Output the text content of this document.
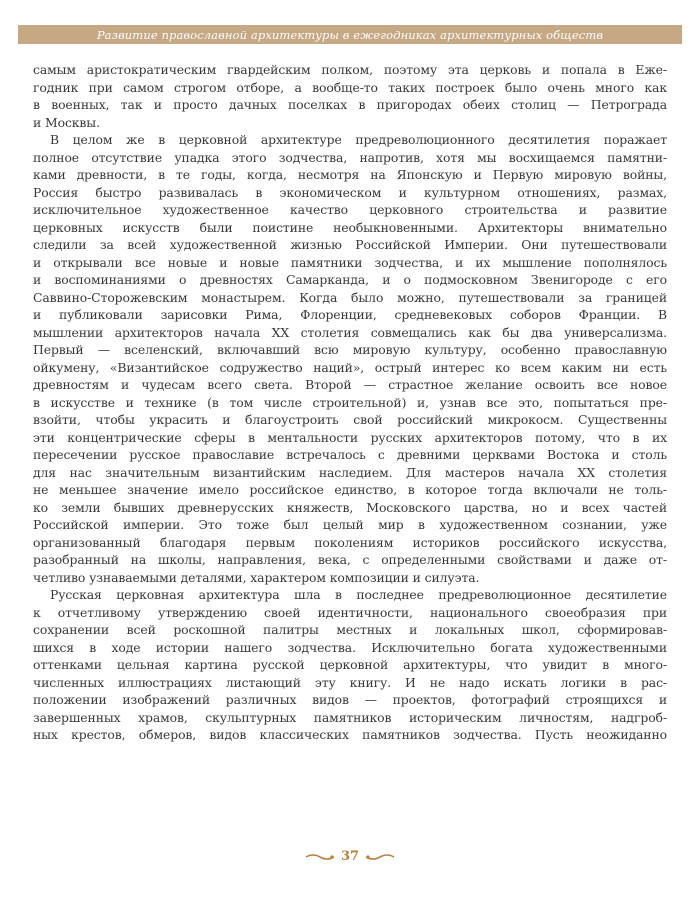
Развитие православной архитектуры в ежегодниках архитектурных обществ
самым аристократическим гвардейским полком, поэтому эта церковь и попала в Еже-
годник при самом строгом отборе, а вообще-то таких построек было очень много как
в военных, так и просто дачных поселках в пригородах обеих столиц — Петрограда
и Москвы.
В целом же в церковной архитектуре предреволюционного десятилетия поражает
полное отсутствие упадка этого зодчества, напротив, хотя мы восхищаемся памятни-
ками древности, в те годы, когда, несмотря на Японскую и Первую мировую войны,
Россия быстро развивалась в экономическом и культурном отношениях, размах,
исключительное художественное качество церковного строительства и развитие
церковных искусств были поистине необыкновенными. Архитекторы внимательно
следили за всей художественной жизнью Российской Империи. Они путешествовали
и открывали все новые и новые памятники зодчества, и их мышление пополнялось
и воспоминаниями о древностях Самарканда, и о подмосковном Звенигороде с его
Саввино-Сторожевским монастырем. Когда было можно, путешествовали за границей
и публиковали зарисовки Рима, Флоренции, средневековых соборов Франции. В
мышлении архитекторов начала XX столетия совмещались как бы два универсализма.
Первый — вселенский, включавший всю мировую культуру, особенно православную
ойкумену, «Византийское содружество наций», острый интерес ко всем каким ни есть
древностям и чудесам всего света. Второй — страстное желание освоить все новое
в искусстве и технике (в том числе строительной) и, узнав все это, попытаться пре-
взойти, чтобы украсить и благоустроить свой российский микрокосм. Существенны
эти концентрические сферы в ментальности русских архитекторов потому, что в их
пересечении русское православие встречалось с древними церквами Востока и столь
для нас значительным византийским наследием. Для мастеров начала XX столетия
не меньшее значение имело российское единство, в которое тогда включали не толь-
ко земли бывших древнерусских княжеств, Московского царства, но и всех частей
Российской империи. Это тоже был целый мир в художественном сознании, уже
организованный благодаря первым поколениям историков российского искусства,
разобранный на школы, направления, века, с определенными свойствами и даже от-
четливо узнаваемыми деталями, характером композиции и силуэта.
Русская церковная архитектура шла в последнее предреволюционное десятилетие
к отчетливому утверждению своей идентичности, национального своеобразия при
сохранении всей роскошной палитры местных и локальных школ, сформировав-
шихся в ходе истории нашего зодчества. Исключительно богата художественными
оттенками цельная картина русской церковной архитектуры, что увидит в много-
численных иллюстрациях листающий эту книгу. И не надо искать логики в рас-
положении изображений различных видов — проектов, фотографий строящихся и
завершенных храмов, скульптурных памятников историческим личностям, надгроб-
ных крестов, обмеров, видов классических памятников зодчества. Пусть неожиданно
37
